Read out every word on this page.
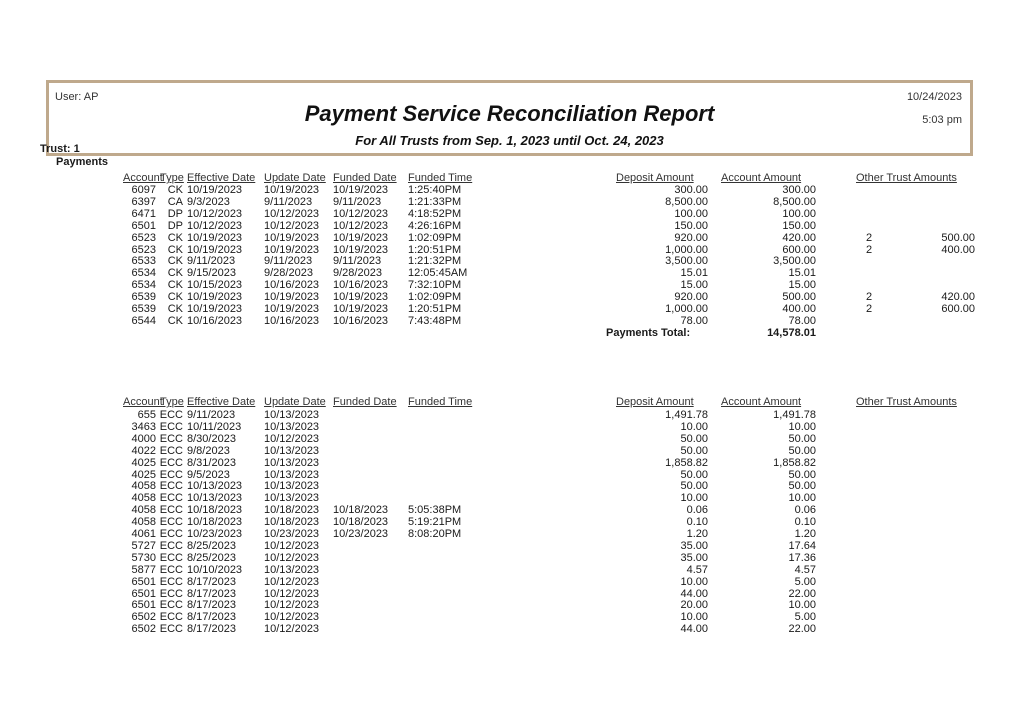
User: AP	10/24/2023
5:03 pm
Payment Service Reconciliation Report
For All Trusts from Sep. 1, 2023 until Oct. 24, 2023
Trust: 1
Payments
Account
Type Effective Date Update Date Funded Date Funded Time	Deposit Amount Account Amount	Other Trust Amounts
6097 CK 10/19/2023 10/19/2023 10/19/2023 1:25:40PM	300.00	300.00
6397 CA 9/3/2023	9/11/2023 9/11/2023 1:21:33PM	8,500.00	8,500.00
6471 DP 10/12/2023 10/12/2023 10/12/2023 4:18:52PM	100.00	100.00
6501 DP 10/12/2023 10/12/2023 10/12/2023 4:26:16PM	150.00	150.00
6523 CK 10/19/2023 10/19/2023 10/19/2023 1:02:09PM	920.00	420.00	2	500.00
6523 CK 10/19/2023 10/19/2023 10/19/2023 1:20:51PM	1,000.00	600.00	2	400.00
6533 CK 9/11/2023	9/11/2023 9/11/2023 1:21:32PM	3,500.00	3,500.00
6534 CK 9/15/2023	9/28/2023 9/28/2023 12:05:45AM	15.01	15.01
6534 CK 10/15/2023 10/16/2023 10/16/2023 7:32:10PM	15.00	15.00
6539 CK 10/19/2023 10/19/2023 10/19/2023 1:02:09PM	920.00	500.00	2	420.00
6539 CK 10/19/2023 10/19/2023 10/19/2023 1:20:51PM	1,000.00	400.00	2	600.00
6544 CK 10/16/2023 10/16/2023 10/16/2023 7:43:48PM	78.00	78.00
Payments Total:	14,578.01
Account
Type Effective Date Update Date Funded Date Funded Time	Deposit Amount Account Amount	Other Trust Amounts
655 ECC 9/11/2023	10/13/2023	1,491.78	1,491.78
3463 ECC 10/11/2023 10/13/2023	10.00	10.00
4000 ECC 8/30/2023	10/12/2023	50.00	50.00
4022 ECC 9/8/2023	10/13/2023	50.00	50.00
4025 ECC 8/31/2023	10/13/2023	1,858.82	1,858.82
4025 ECC 9/5/2023	10/13/2023	50.00	50.00
4058 ECC 10/13/2023 10/13/2023	50.00	50.00
4058 ECC 10/13/2023 10/13/2023	10.00	10.00
4058 ECC 10/18/2023 10/18/2023 10/18/2023 5:05:38PM	0.06	0.06
4058 ECC 10/18/2023 10/18/2023 10/18/2023 5:19:21PM	0.10	0.10
4061 ECC 10/23/2023 10/23/2023 10/23/2023 8:08:20PM	1.20	1.20
5727 ECC 8/25/2023	10/12/2023	35.00	17.64
5730 ECC 8/25/2023	10/12/2023	35.00	17.36
5877 ECC 10/10/2023 10/13/2023	4.57	4.57
6501 ECC 8/17/2023	10/12/2023	10.00	5.00
6501 ECC 8/17/2023	10/12/2023	44.00	22.00
6501 ECC 8/17/2023	10/12/2023	20.00	10.00
6502 ECC 8/17/2023	10/12/2023	10.00	5.00
6502 ECC 8/17/2023	10/12/2023	44.00	22.00
